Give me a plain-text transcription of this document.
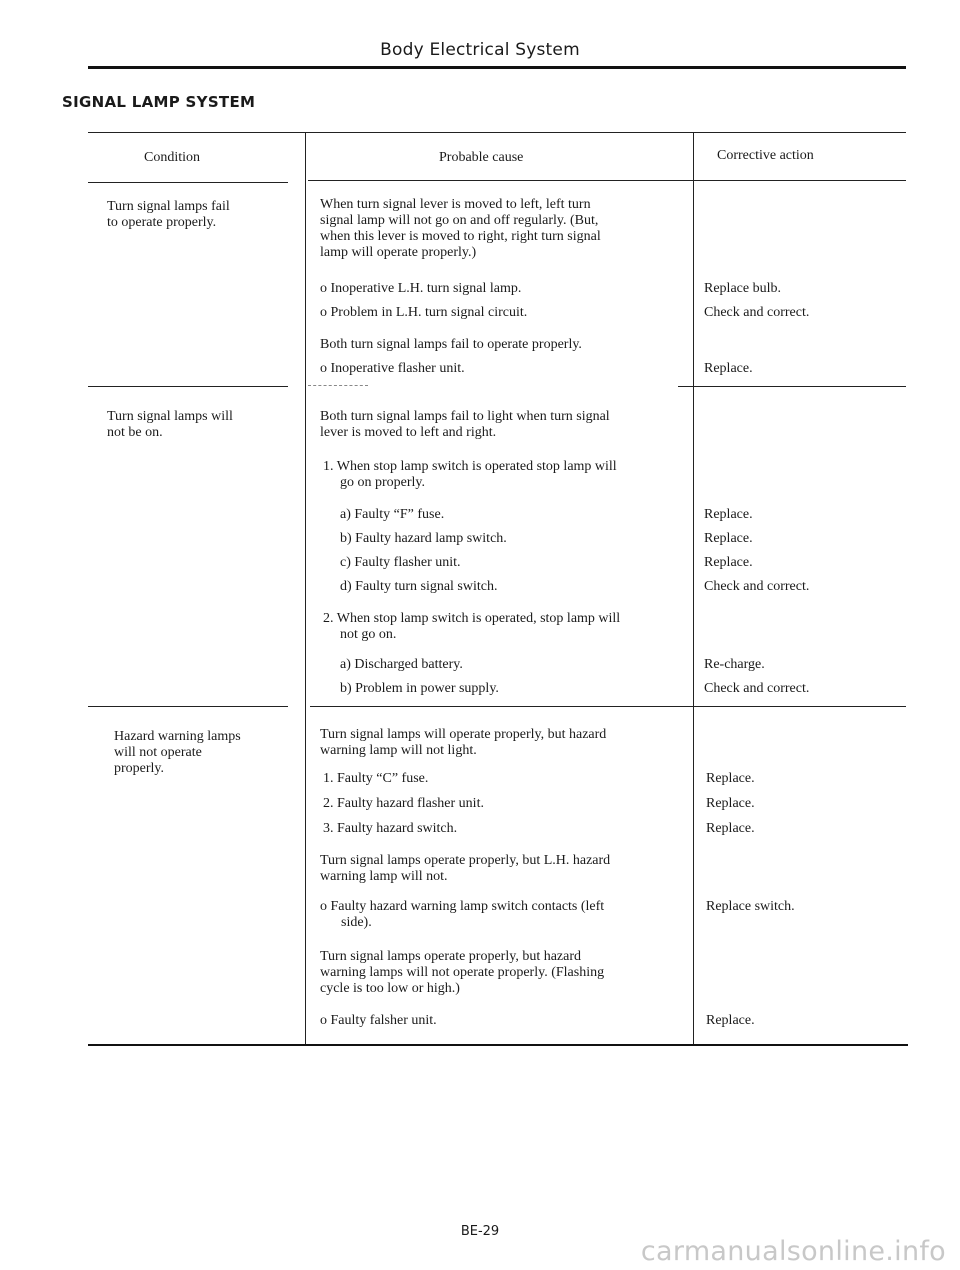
Body Electrical System
SIGNAL LAMP SYSTEM
Condition	Probable cause	Corrective action
Turn signal lamps fail
to operate properly.
When turn signal lever is moved to left, left turn
signal lamp will not go on and off regularly. (But,
when this lever is moved to right, right turn signal
lamp will operate properly.)
o Inoperative L.H. turn signal lamp.
o Problem in L.H. turn signal circuit.
Both turn signal lamps fail to operate properly.
o Inoperative flasher unit.
Replace bulb.
Check and correct.
Replace.
Turn signal lamps will
not be on.
Both turn signal lamps fail to light when turn signal
lever is moved to left and right.
1. When stop lamp switch is operated stop lamp will
go on properly.
a) Faulty “F” fuse.
b) Faulty hazard lamp switch.
c) Faulty flasher unit.
d) Faulty turn signal switch.
2. When stop lamp switch is operated, stop lamp will
not go on.
a) Discharged battery.
b) Problem in power supply.
Replace.
Replace.
Replace.
Check and correct.
Re-charge.
Check and correct.
Hazard warning lamps
will not operate
properly.
Turn signal lamps will operate properly, but hazard
warning lamp will not light.
1. Faulty “C” fuse.
2. Faulty hazard flasher unit.
3. Faulty hazard switch.
Turn signal lamps operate properly, but L.H. hazard
warning lamp will not.
o Faulty hazard warning lamp switch contacts (left
side).
Turn signal lamps operate properly, but hazard
warning lamps will not operate properly. (Flashing
cycle is too low or high.)
o Faulty falsher unit.
Replace.
Replace.
Replace.
Replace switch.
Replace.
BE-29
carmanualsonline.info
